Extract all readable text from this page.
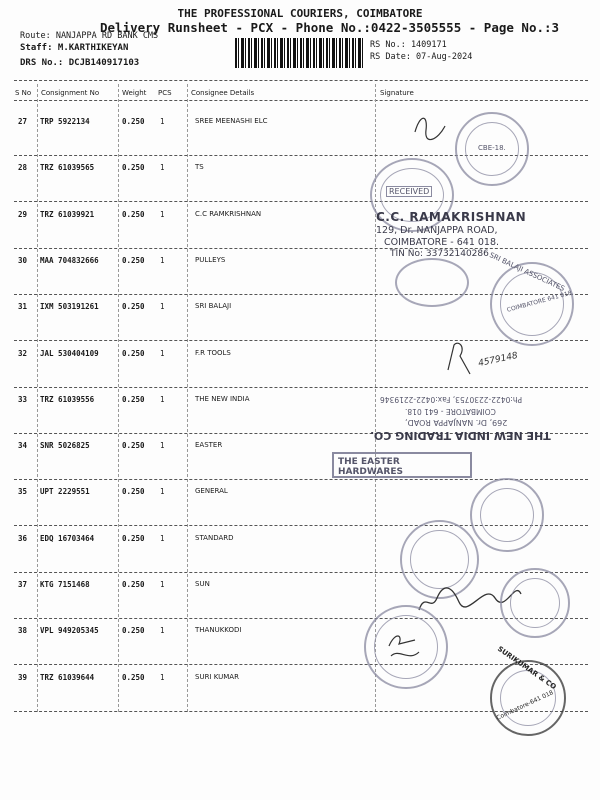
THE PROFESSIONAL COURIERS, COIMBATORE
Delivery Runsheet - PCX - Phone No.:0422-3505555 - Page No.:3
Route: NANJAPPA RD BANK CMS
Staff: M.KARTHIKEYAN
DRS No.: DCJB140917103
RS No.: 1409171
RS Date: 07-Aug-2024
S No Consignment No	Weight PCS	Consignee Details	Signature
27 TRP 5922134	0.250 1	SREE MEENASHI ELC
28 TRZ 61039565	0.250 1	TS
29 TRZ 61039921	0.250 1	C.C RAMKRISHNAN
30 MAA 704832666	0.250 1	PULLEYS
31 IXM 503191261	0.250 1	SRI BALAJI
32 JAL 530404109	0.250 1	F.R TOOLS
33 TRZ 61039556	0.250 1	THE NEW INDIA
34 SNR 5026825	0.250 1	EASTER
35 UPT 2229551	0.250 1	GENERAL
36 EDQ 16703464	0.250 1	STANDARD
37 KTG 7151468	0.250 1	SUN
38 VPL 949205345	0.250 1	THANUKKODI
39 TRZ 61039644	0.250 1	SURI KUMAR
CBE-18.
RECEIVED
C.C. RAMAKRISHNAN
129, Dr. NANJAPPA ROAD,
COIMBATORE - 641 018.
TIN No: 33732140286 SRI BALAJI ASSOCIATES
COIMBATORE 641 018.
4579148
Ph:0422-2230753, Fax:0422-2219346
COIMBATORE - 641 018.
269, Dr. NANJAPPA ROAD,
THE NEW INDIA TRADING CO.
THE EASTER HARDWARES
SURIKUMAR & CO
Coimbatore-641 018
